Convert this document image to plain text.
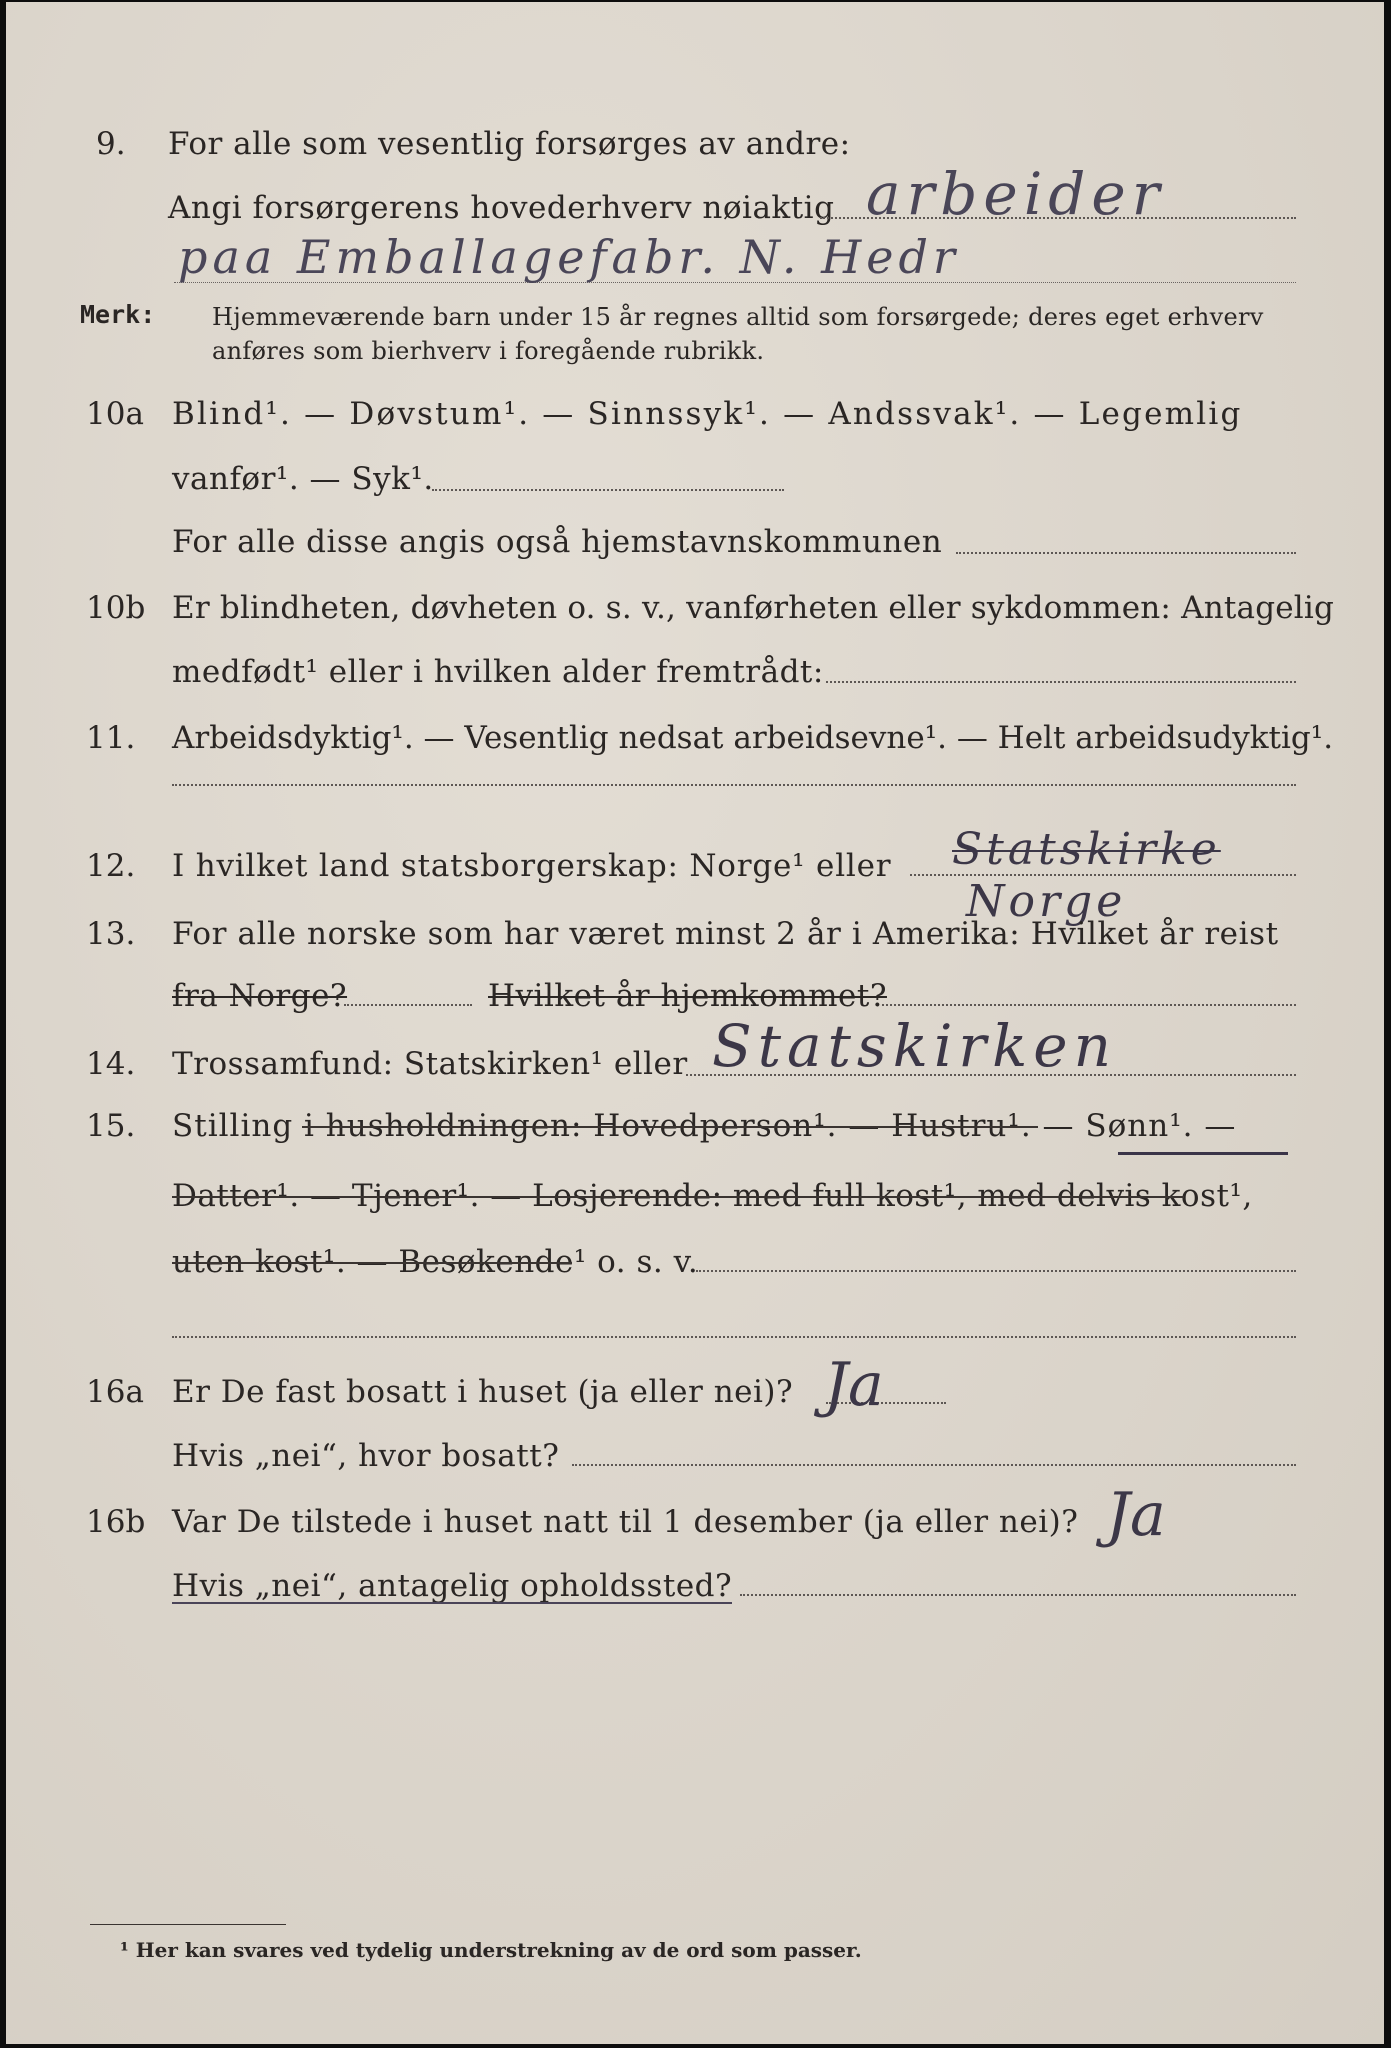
9. For alle som vesentlig forsørges av andre:
Angi forsørgerens hovederhverv nøiaktig arbeider
paa Emballagefabr. N. Hedr
Merk: Hjemmeværende barn under 15 år regnes alltid som forsørgede; deres eget erhverv
anføres som bierhverv i foregående rubrikk.
10a Blind¹. — Døvstum¹. — Sinnssyk¹. — Andssvak¹. — Legemlig
vanfør¹. — Syk¹.
For alle disse angis også hjemstavnskommunen
10b Er blindheten, døvheten o. s. v., vanførheten eller sykdommen: Antagelig
medfødt¹ eller i hvilken alder fremtrådt:
11. Arbeidsdyktig¹. — Vesentlig nedsat arbeidsevne¹. — Helt arbeidsudyktig¹.
12. I hvilket land statsborgerskap: Norge¹ eller Statskirke
Norge
13. For alle norske som har været minst 2 år i Amerika: Hvilket år reist
fra Norge?	Hvilket år hjemkommet?
14. Trossamfund: Statskirken¹ eller Statskirken
15. Stilling i husholdningen: Hovedperson¹. — Hustru¹. — Sønn¹. —
Datter¹. — Tjener¹. — Losjerende: med full kost¹, med delvis kost¹,
uten kost¹. — Besøkende¹ o. s. v.
16a Er De fast bosatt i huset (ja eller nei)? Ja
Hvis „nei“, hvor bosatt?
16b Var De tilstede i huset natt til 1 desember (ja eller nei)? Ja
Hvis „nei“, antagelig opholdssted?
¹ Her kan svares ved tydelig understrekning av de ord som passer.
